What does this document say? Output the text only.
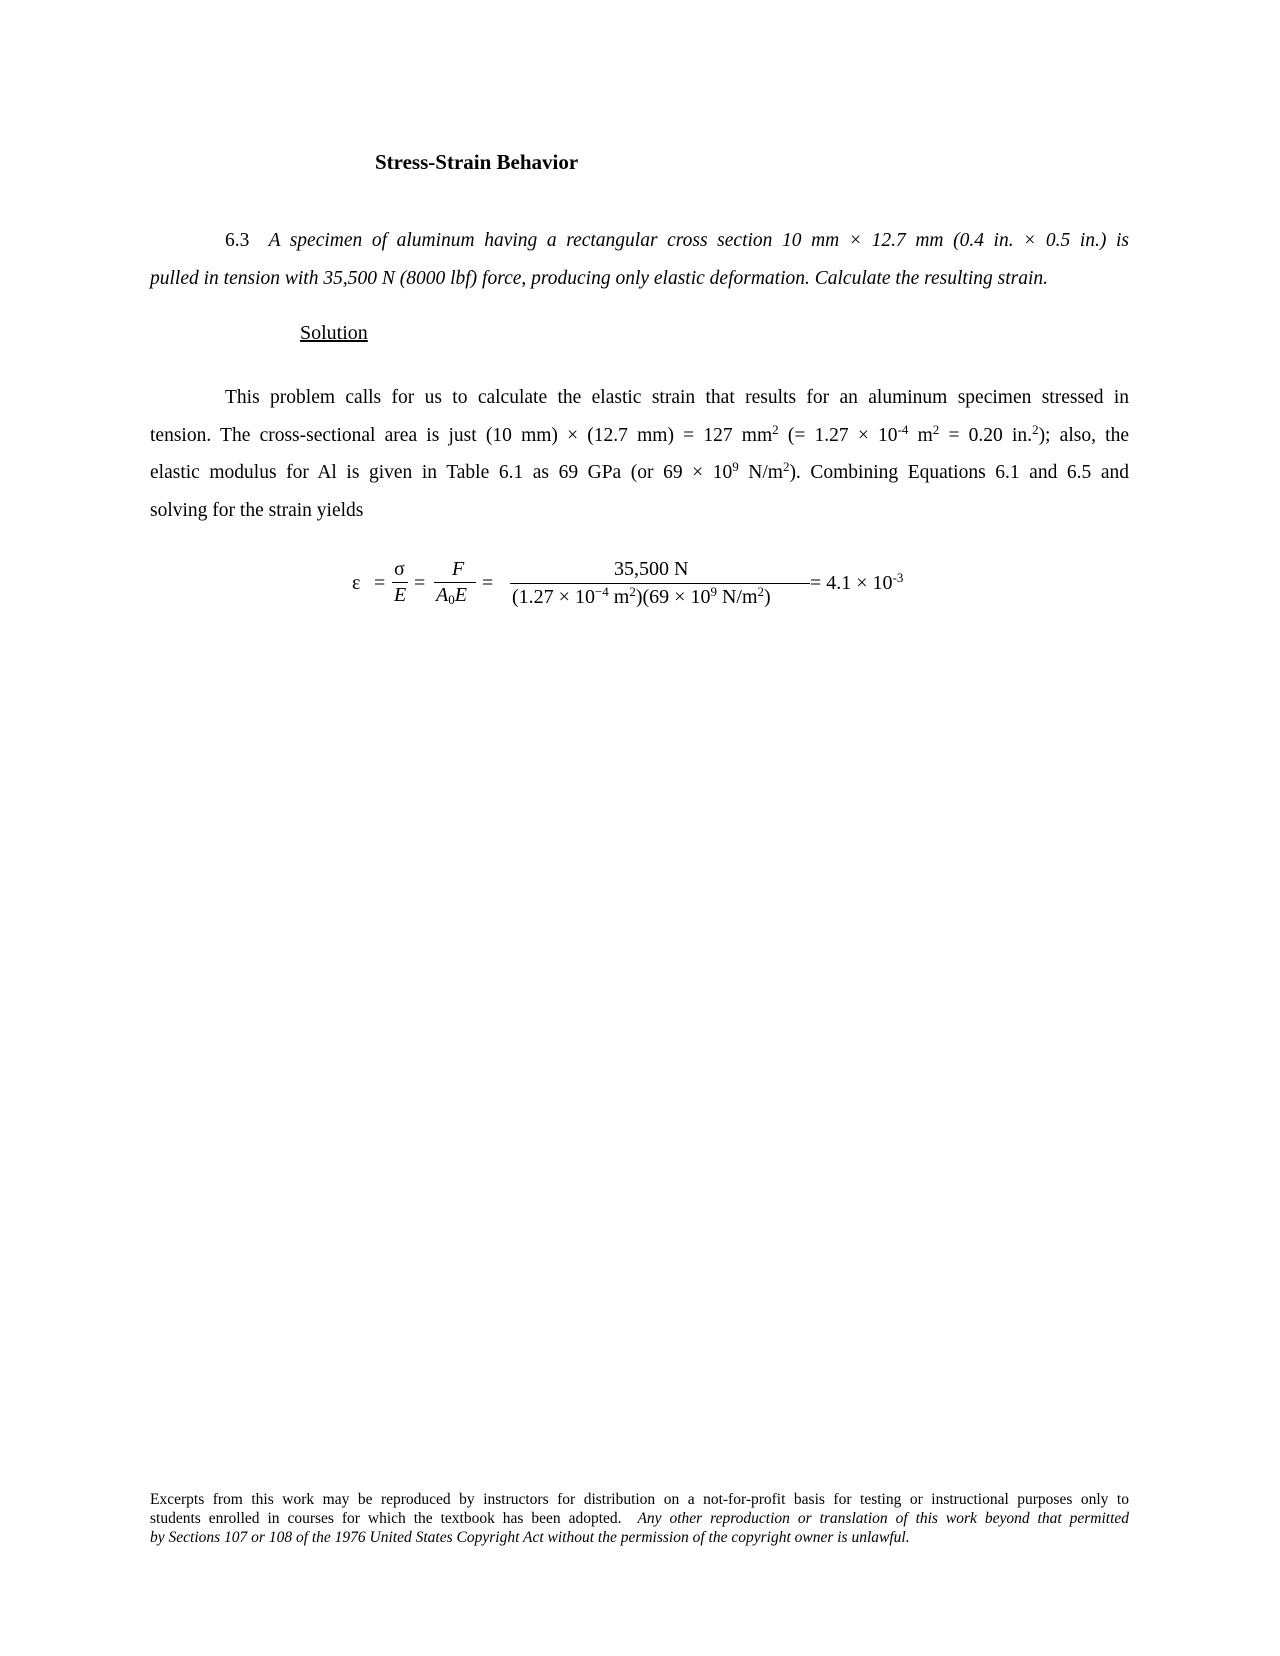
Stress-Strain Behavior
6.3 A specimen of aluminum having a rectangular cross section 10 mm × 12.7 mm (0.4 in. × 0.5 in.) is
pulled in tension with 35,500 N (8000 lbf) force, producing only elastic deformation. Calculate the resulting strain.
Solution
This problem calls for us to calculate the elastic strain that results for an aluminum specimen stressed in
tension. The cross-sectional area is just (10 mm) × (12.7 mm) = 127 $mm^2$ (= $1.27 \times 10^{-4}$ $m^2 = 0.20$ in.$^2$); also, the
elastic modulus for Al is given in Table 6.1 as 69 GPa (or $69 \times 10^9$ $N/m^2$). Combining Equations 6.1 and 6.5 and
solving for the strain yields
ε =
σ
E
=
F
$A_0E$
=
35,500 N
($1.27 \times 10^{-4}$ $m^2)(69 \times 10^9$ $N/m^2$)
= $4.1 \times 10^{-3}$
Excerpts from this work may be reproduced by instructors for distribution on a not-for-profit basis for testing or instructional purposes only to
students enrolled in courses for which the textbook has been adopted. Any other reproduction or translation of this work beyond that permitted
by Sections 107 or 108 of the 1976 United States Copyright Act without the permission of the copyright owner is unlawful.
